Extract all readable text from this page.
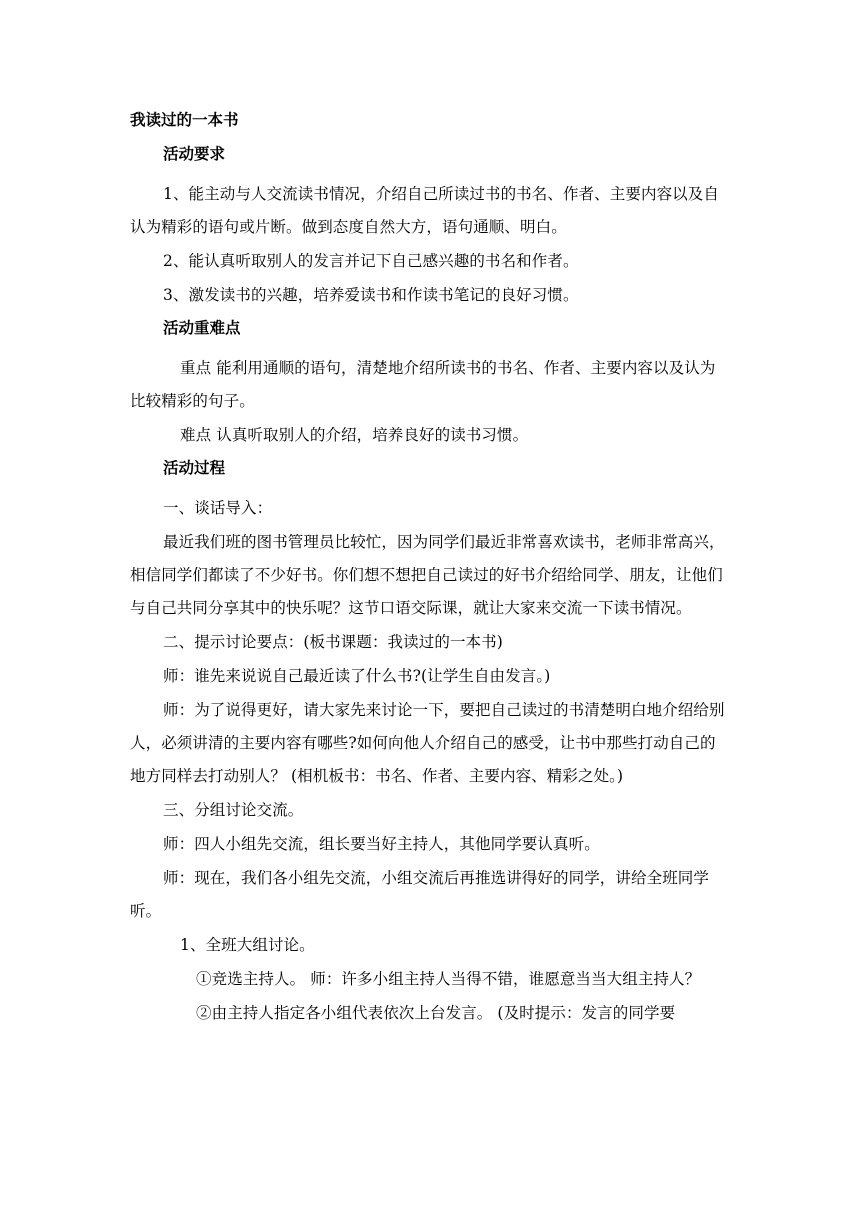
我读过的一本书
活动要求

1、能主动与人交流读书情况，介绍自己所读过书的书名、作者、主要内容以及自认为精彩的语句或片断。做到态度自然大方，语句通顺、明白。

2、能认真听取别人的发言并记下自己感兴趣的书名和作者。

3、激发读书的兴趣，培养爱读书和作读书笔记的良好习惯。

活动重难点

重点 能利用通顺的语句，清楚地介绍所读书的书名、作者、主要内容以及认为比较精彩的句子。

难点 认真听取别人的介绍，培养良好的读书习惯。

活动过程

一、谈话导入：

最近我们班的图书管理员比较忙，因为同学们最近非常喜欢读书，老师非常高兴，相信同学们都读了不少好书。你们想不想把自己读过的好书介绍给同学、朋友，让他们与自己共同分享其中的快乐呢？这节口语交际课，就让大家来交流一下读书情况。

二、提示讨论要点：(板书课题：我读过的一本书)

师：谁先来说说自己最近读了什么书?(让学生自由发言。)

师：为了说得更好，请大家先来讨论一下，要把自己读过的书清楚明白地介绍给别人，必须讲清的主要内容有哪些?如何向他人介绍自己的感受，让书中那些打动自己的地方同样去打动别人？ (相机板书：书名、作者、主要内容、精彩之处。)

三、分组讨论交流。

师：四人小组先交流，组长要当好主持人，其他同学要认真听。

师：现在，我们各小组先交流，小组交流后再推选讲得好的同学，讲给全班同学听。

1、全班大组讨论。

①竞选主持人。 师：许多小组主持人当得不错，谁愿意当当大组主持人？

②由主持人指定各小组代表依次上台发言。 (及时提示：发言的同学要
